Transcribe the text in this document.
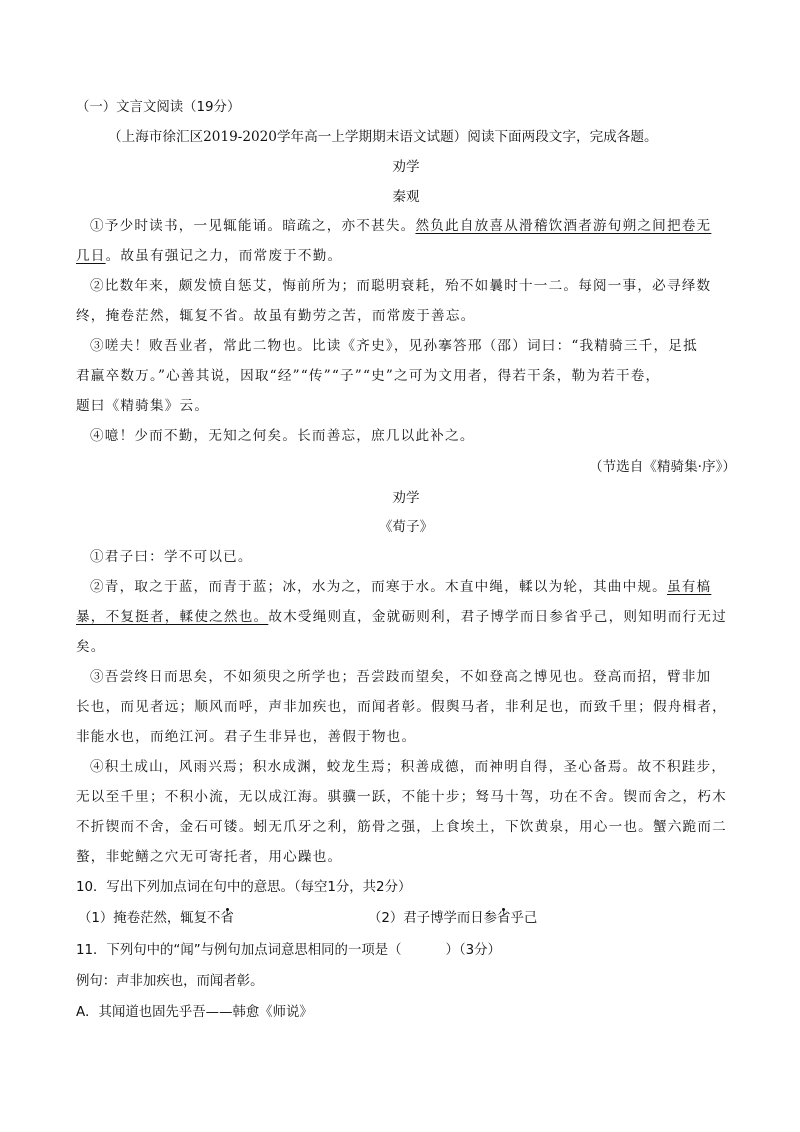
（一）文言文阅读（19分）
（上海市徐汇区2019-2020学年高一上学期期末语文试题）阅读下面两段文字，完成各题。
劝学
秦观
①予少时读书，一见辄能诵。暗疏之，亦不甚失。然负此自放喜从滑稽饮酒者游旬朔之间把卷无
几日。故虽有强记之力，而常废于不勤。
②比数年来，颇发愤自惩艾，悔前所为；而聪明衰耗，殆不如曩时十一二。每阅一事，必寻绎数
终，掩卷茫然，辄复不省。故虽有勤劳之苦，而常废于善忘。
③嗟夫！败吾业者，常此二物也。比读《齐史》，见孙搴答邢（邵）词曰：“我精骑三千，足抵
君羸卒数万。”心善其说，因取“经”“传”“子”“史”之可为文用者，得若干条，勒为若干卷，
题曰《精骑集》云。
④噫！少而不勤，无知之何矣。长而善忘，庶几以此补之。
（节选自《精骑集·序》）
劝学
《荀子》
①君子曰：学不可以已。
②青，取之于蓝，而青于蓝；冰，水为之，而寒于水。木直中绳，輮以为轮，其曲中规。虽有槁
暴，不复挺者，輮使之然也。故木受绳则直，金就砺则利，君子博学而日参省乎己，则知明而行无过
矣。
③吾尝终日而思矣，不如须臾之所学也；吾尝跂而望矣，不如登高之博见也。登高而招，臂非加
长也，而见者远；顺风而呼，声非加疾也，而闻者彰。假舆马者，非利足也，而致千里；假舟楫者，
非能水也，而绝江河。君子生非异也，善假于物也。
④积土成山，风雨兴焉；积水成渊，蛟龙生焉；积善成德，而神明自得，圣心备焉。故不积跬步，
无以至千里；不积小流，无以成江海。骐骥一跃，不能十步；驽马十驾，功在不舍。锲而舍之，朽木
不折锲而不舍，金石可镂。蚓无爪牙之利，筋骨之强，上食埃土，下饮黄泉，用心一也。蟹六跪而二
螯，非蛇鳝之穴无可寄托者，用心躁也。
10．写出下列加点词在句中的意思。（每空1分，共2分）
（1）掩卷茫然，辄复不省	（2）君子博学而日参省乎己
11．下列句中的“闻”与例句加点词意思相同的一项是（	）（3分）
例句：声非加疾也，而闻者彰。
A．其闻道也固先乎吾——韩愈《师说》
